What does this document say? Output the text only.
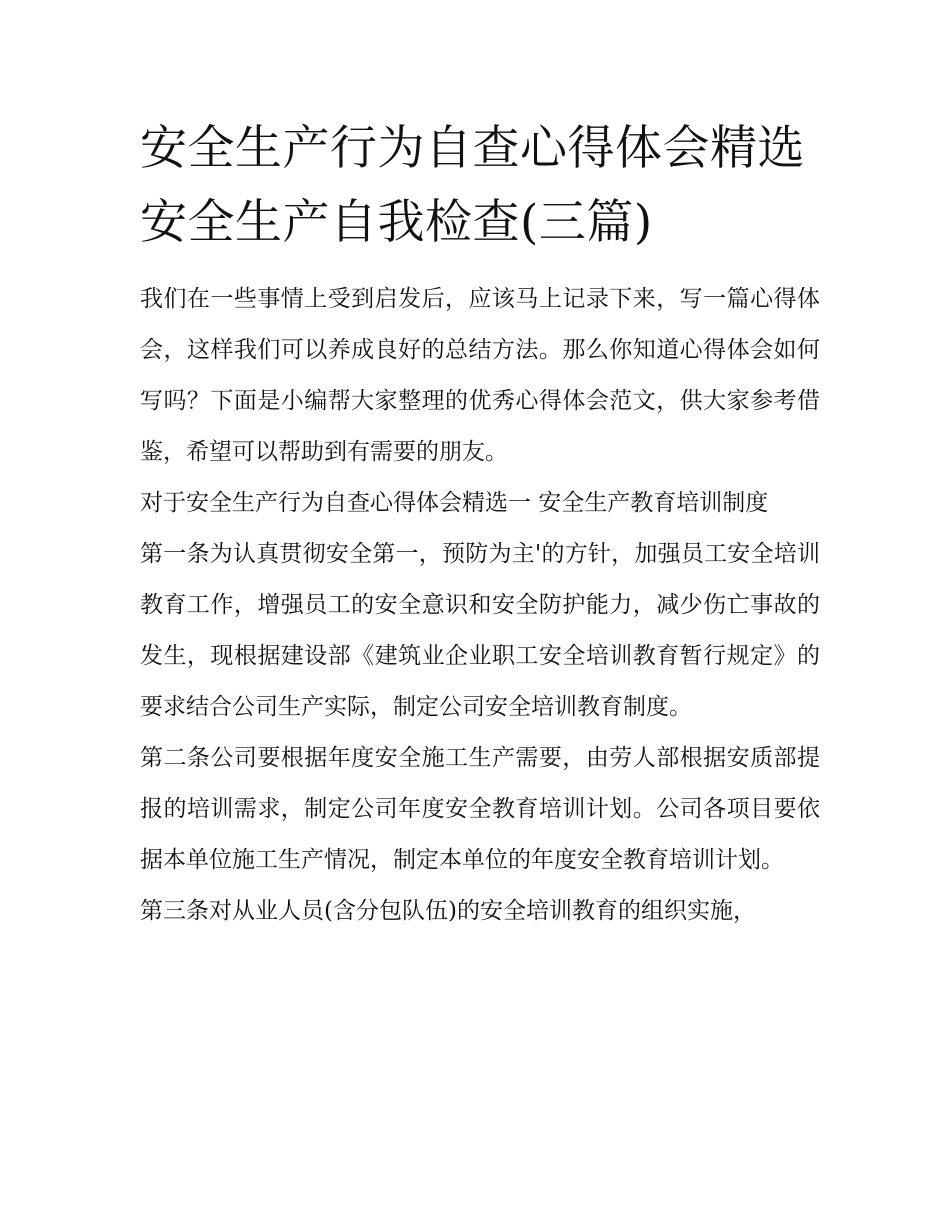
安全生产行为自查心得体会精选 安全生产自我检查(三篇)

我们在一些事情上受到启发后，应该马上记录下来，写一篇心得体会，这样我们可以养成良好的总结方法。那么你知道心得体会如何写吗？下面是小编帮大家整理的优秀心得体会范文，供大家参考借鉴，希望可以帮助到有需要的朋友。

对于安全生产行为自查心得体会精选一 安全生产教育培训制度

第一条为认真贯彻安全第一，预防为主'的方针，加强员工安全培训教育工作，增强员工的安全意识和安全防护能力，减少伤亡事故的发生，现根据建设部《建筑业企业职工安全培训教育暂行规定》的要求结合公司生产实际，制定公司安全培训教育制度。

第二条公司要根据年度安全施工生产需要，由劳人部根据安质部提报的培训需求，制定公司年度安全教育培训计划。公司各项目要依据本单位施工生产情况，制定本单位的年度安全教育培训计划。

第三条对从业人员(含分包队伍)的安全培训教育的组织实施，
